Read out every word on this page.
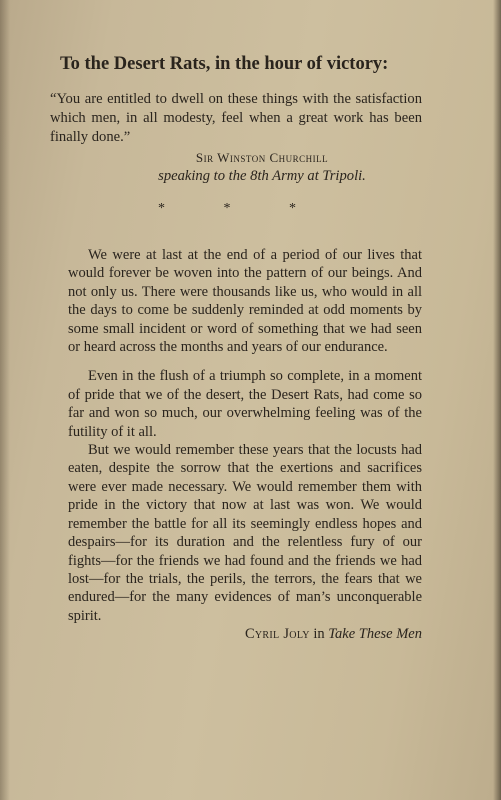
To the Desert Rats, in the hour of victory:
“You are entitled to dwell on these things with the satisfaction which men, in all modesty, feel when a great work has been finally done.”
Sir Winston Churchill
speaking to the 8th Army at Tripoli.
*	*	*

We were at last at the end of a period of our lives that would forever be woven into the pattern of our beings. And not only us. There were thousands like us, who would in all the days to come be suddenly reminded at odd moments by some small incident or word of something that we had seen or heard across the months and years of our endurance.

Even in the flush of a triumph so complete, in a moment of pride that we of the desert, the Desert Rats, had come so far and won so much, our overwhelming feeling was of the futility of it all.

But we would remember these years that the locusts had eaten, despite the sorrow that the exertions and sacrifices were ever made necessary. We would remember them with pride in the victory that now at last was won. We would remember the battle for all its seemingly endless hopes and despairs—for its duration and the relentless fury of our fights—for the friends we had found and the friends we had lost—for the trials, the perils, the terrors, the fears that we endured—for the many evidences of man’s unconquerable spirit.

Cyril Joly in Take These Men
